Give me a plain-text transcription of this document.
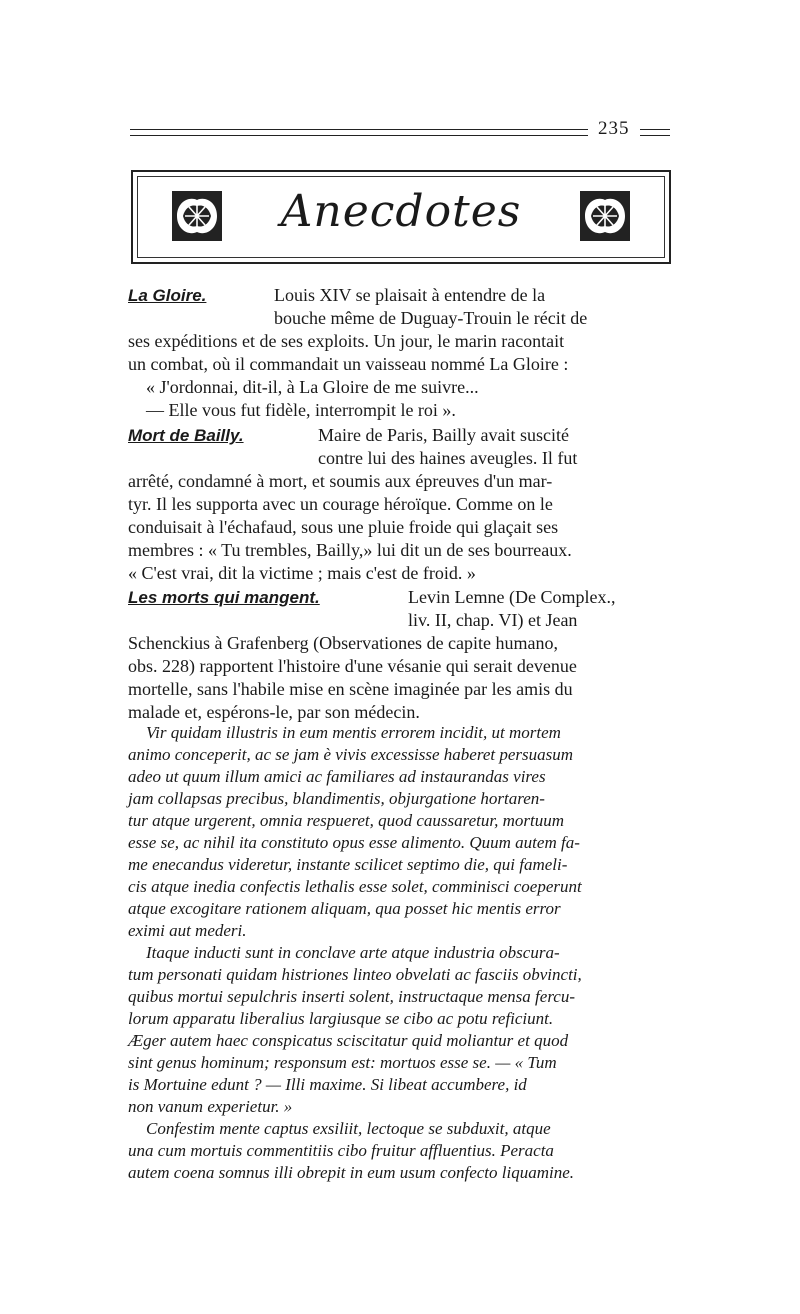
235
Anecdotes
La Gloire.	Louis XIV se plaisait à entendre de la

bouche même de Duguay-Trouin le récit de

ses expéditions et de ses exploits. Un jour, le marin racontait

un combat, où il commandait un vaisseau nommé La Gloire :

« J'ordonnai, dit-il, à La Gloire de me suivre...

— Elle vous fut fidèle, interrompit le roi ».

Mort de Bailly.	Maire de Paris, Bailly avait suscité

contre lui des haines aveugles. Il fut

arrêté, condamné à mort, et soumis aux épreuves d'un mar-

tyr. Il les supporta avec un courage héroïque. Comme on le

conduisait à l'échafaud, sous une pluie froide qui glaçait ses

membres : « Tu trembles, Bailly,» lui dit un de ses bourreaux.

« C'est vrai, dit la victime ; mais c'est de froid. »

Les morts qui mangent.	Levin Lemne (De Complex.,

liv. II, chap. VI) et Jean

Schenckius à Grafenberg (Observationes de capite humano,

obs. 228) rapportent l'histoire d'une vésanie qui serait devenue

mortelle, sans l'habile mise en scène imaginée par les amis du

malade et, espérons-le, par son médecin.

Vir quidam illustris in eum mentis errorem incidit, ut mortem

animo conceperit, ac se jam è vivis excessisse haberet persuasum

adeo ut quum illum amici ac familiares ad instaurandas vires

jam collapsas precibus, blandimentis, objurgatione hortaren-

tur atque urgerent, omnia respueret, quod caussaretur, mortuum

esse se, ac nihil ita constituto opus esse alimento. Quum autem fa-

me enecandus videretur, instante scilicet septimo die, qui fameli-

cis atque inedia confectis lethalis esse solet, comminisci coeperunt

atque excogitare rationem aliquam, qua posset hic mentis error

eximi aut mederi.

Itaque inducti sunt in conclave arte atque industria obscura-

tum personati quidam histriones linteo obvelati ac fasciis obvincti,

quibus mortui sepulchris inserti solent, instructaque mensa fercu-

lorum apparatu liberalius largiusque se cibo ac potu reficiunt.

Æger autem haec conspicatus sciscitatur quid moliantur et quod

sint genus hominum; responsum est: mortuos esse se. — « Tum

is Mortuine edunt ? — Illi maxime. Si libeat accumbere, id

non vanum experietur. »

Confestim mente captus exsiliit, lectoque se subduxit, atque

una cum mortuis commentitiis cibo fruitur affluentius. Peracta

autem coena somnus illi obrepit in eum usum confecto liquamine.
